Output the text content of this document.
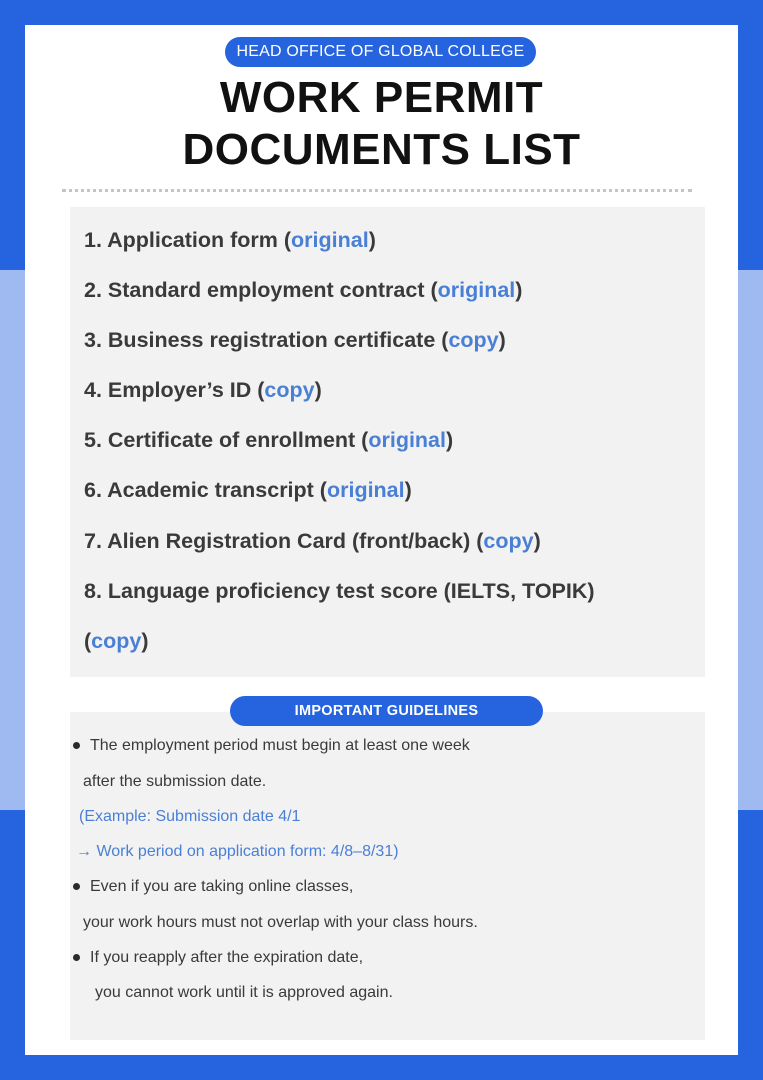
HEAD OFFICE OF GLOBAL COLLEGE
WORK PERMIT
DOCUMENTS LIST
1. Application form (original)
2. Standard employment contract (original)
3. Business registration certificate (copy)
4. Employer’s ID (copy)
5. Certificate of enrollment (original)
6. Academic transcript (original)
7. Alien Registration Card (front/back) (copy)
8. Language proficiency test score (IELTS, TOPIK)
(copy)
The employment period must begin at least one week
after the submission date.
(Example: Submission date 4/1
→ Work period on application form: 4/8–8/31)
Even if you are taking online classes,
your work hours must not overlap with your class hours.
If you reapply after the expiration date,
you cannot work until it is approved again.
IMPORTANT GUIDELINES
